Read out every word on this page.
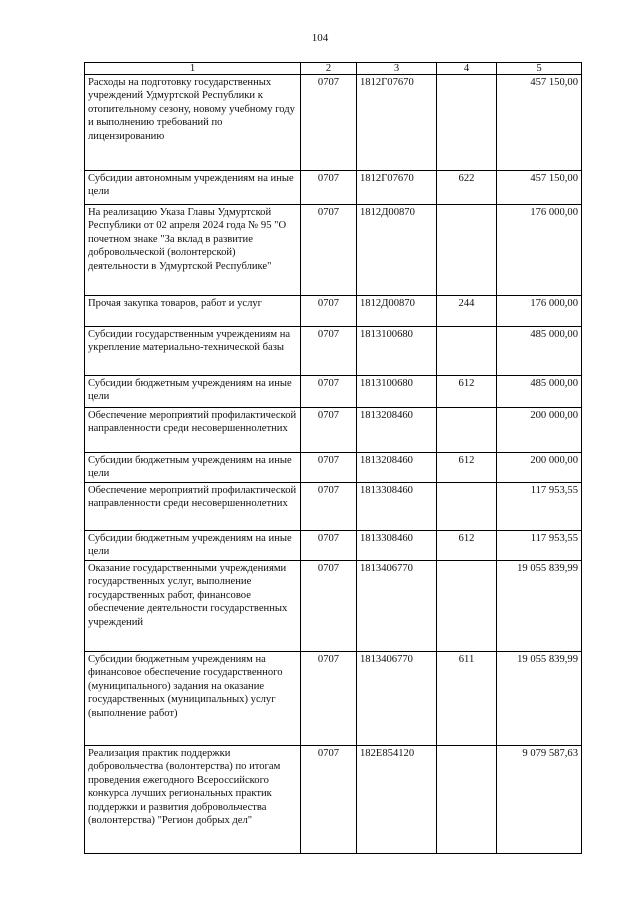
104
1	2	3	4	5
Расходы на подготовку государственных учреждений Удмуртской Республики к отопительному сезону, новому учебному году и выполнению требований по лицензированию	0707	1812Г07670		457 150,00
Субсидии автономным учреждениям на иные цели	0707	1812Г07670	622	457 150,00
На реализацию Указа Главы Удмуртской Республики от 02 апреля 2024 года № 95 "О почетном знаке "За вклад в развитие добровольческой (волонтерской) деятельности в Удмуртской Республике"	0707	1812Д00870		176 000,00
Прочая закупка товаров, работ и услуг	0707	1812Д00870	244	176 000,00
Субсидии государственным учреждениям на укрепление материально-технической базы	0707	1813100680		485 000,00
Субсидии бюджетным учреждениям на иные цели	0707	1813100680	612	485 000,00
Обеспечение мероприятий профилактической направленности среди несовершеннолетних	0707	1813208460		200 000,00
Субсидии бюджетным учреждениям на иные цели	0707	1813208460	612	200 000,00
Обеспечение мероприятий профилактической направленности среди несовершеннолетних	0707	1813308460		117 953,55
Субсидии бюджетным учреждениям на иные цели	0707	1813308460	612	117 953,55
Оказание государственными учреждениями государственных услуг, выполнение государственных работ, финансовое обеспечение деятельности государственных учреждений	0707	1813406770		19 055 839,99
Субсидии бюджетным учреждениям на финансовое обеспечение государственного (муниципального) задания на оказание государственных (муниципальных) услуг (выполнение работ)	0707	1813406770	611	19 055 839,99
Реализация практик поддержки добровольчества (волонтерства) по итогам проведения ежегодного Всероссийского конкурса лучших региональных практик поддержки и развития добровольчества (волонтерства) "Регион добрых дел"	0707	182Е854120		9 079 587,63
